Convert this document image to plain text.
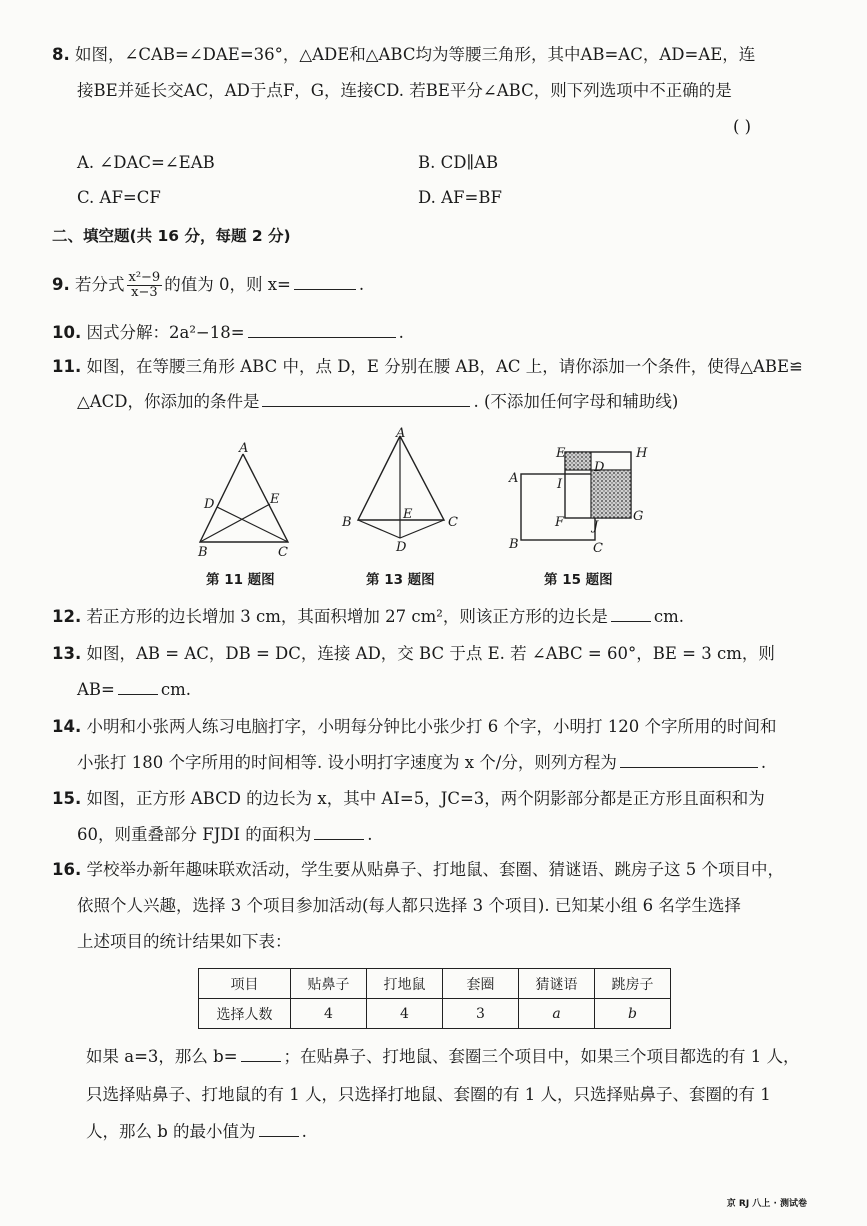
8. 如图，∠CAB=∠DAE=36°，△ADE和△ABC均为等腰三角形，其中AB=AC，AD=AE，连
接BE并延长交AC，AD于点F，G，连接CD. 若BE平分∠ABC，则下列选项中不正确的是
( )
A. ∠DAC=∠EAB	B. CD∥AB
C. AF=CF	D. AF=BF
二、填空题(共 16 分，每题 2 分)
9. 若分式 $\frac{\text{x²−9}}{x-3}$ 的值为 0，则 x=	.
10. 因式分解：2a²−18=	.
11. 如图，在等腰三角形 ABC 中，点 D，E 分别在腰 AB，AC 上，请你添加一个条件，使得△ABE≌
△ACD，你添加的条件是	. (不添加任何字母和辅助线)
A
B	C
D	E
第 11 题图
A
B	C
D
E
第 13 题图
E	H
D
A	I
G
F J
B	C
第 15 题图
12. 若正方形的边长增加 3 cm，其面积增加 27 cm²，则该正方形的边长是	cm.
13. 如图，AB = AC，DB = DC，连接 AD，交 BC 于点 E. 若 ∠ABC = 60°，BE = 3 cm，则
AB=	cm.
14. 小明和小张两人练习电脑打字，小明每分钟比小张少打 6 个字，小明打 120 个字所用的时间和
小张打 180 个字所用的时间相等. 设小明打字速度为 x 个/分，则列方程为	.
15. 如图，正方形 ABCD 的边长为 x，其中 AI=5，JC=3，两个阴影部分都是正方形且面积和为
60，则重叠部分 FJDI 的面积为	.
16. 学校举办新年趣味联欢活动，学生要从贴鼻子、打地鼠、套圈、猜谜语、跳房子这 5 个项目中，
依照个人兴趣，选择 3 个项目参加活动(每人都只选择 3 个项目). 已知某小组 6 名学生选择
上述项目的统计结果如下表：
项目	贴鼻子	打地鼠	套圈	猜谜语	跳房子
选择人数	4	4	3	a	b
如果 a=3，那么 b=	；在贴鼻子、打地鼠、套圈三个项目中，如果三个项目都选的有 1 人，
只选择贴鼻子、打地鼠的有 1 人，只选择打地鼠、套圈的有 1 人，只选择贴鼻子、套圈的有 1
人，那么 b 的最小值为	.
京 RJ 八上 · 测试卷
